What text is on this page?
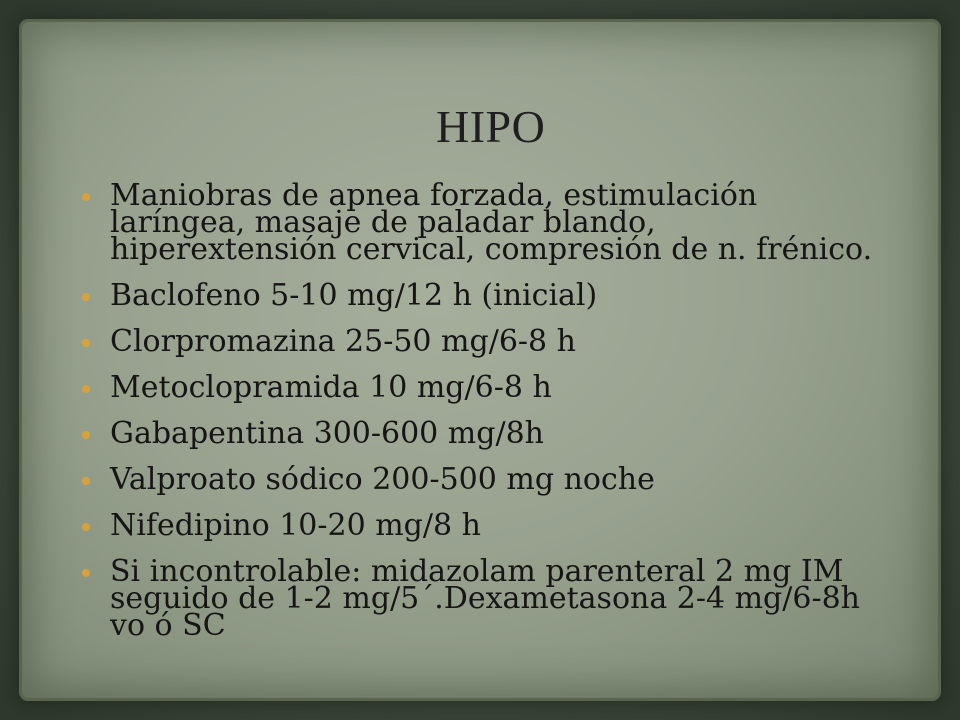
HIPO
Maniobras de apnea forzada, estimulación laríngea, masaje de paladar blando, hiperextensión cervical, compresión de n. frénico.
Baclofeno 5-10 mg/12 h (inicial)
Clorpromazina 25-50 mg/6-8 h
Metoclopramida 10 mg/6-8 h
Gabapentina 300-600 mg/8h
Valproato sódico 200-500 mg noche
Nifedipino 10-20 mg/8 h
Si incontrolable: midazolam parenteral 2 mg IM seguido de 1-2 mg/5´.Dexametasona 2-4 mg/6-8h vo ó SC
